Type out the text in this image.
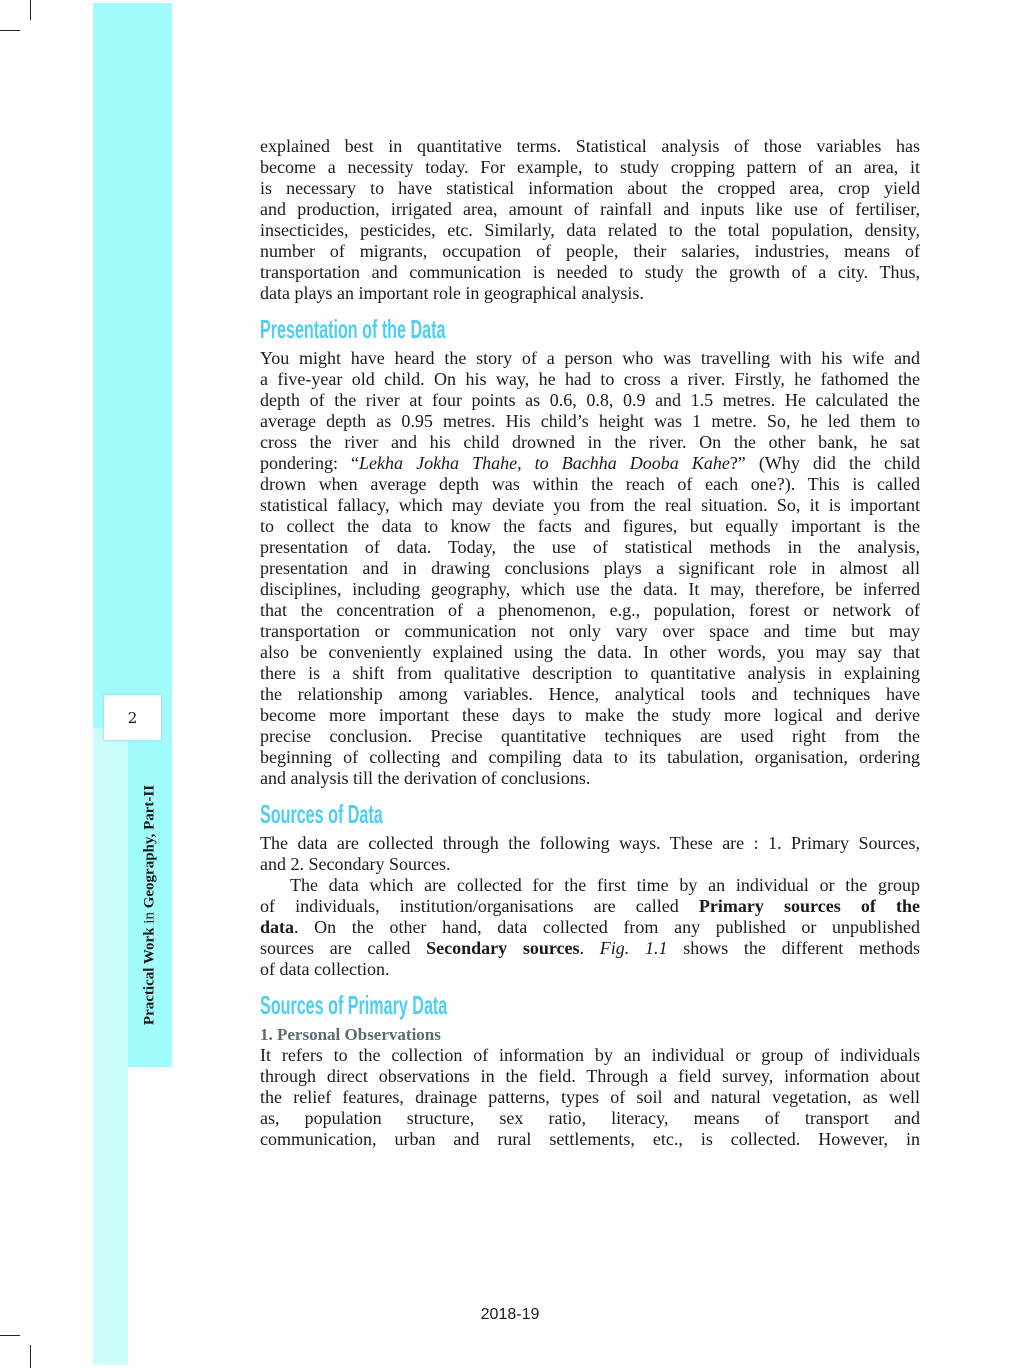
2
Practical Work in Geography, Part-II
explained best in quantitative terms. Statistical analysis of those variables has
become a necessity today. For example, to study cropping pattern of an area, it
is necessary to have statistical information about the cropped area, crop yield
and production, irrigated area, amount of rainfall and inputs like use of fertiliser,
insecticides, pesticides, etc. Similarly, data related to the total population, density,
number of migrants, occupation of people, their salaries, industries, means of
transportation and communication is needed to study the growth of a city. Thus,
data plays an important role in geographical analysis.
Presentation of the Data
You might have heard the story of a person who was travelling with his wife and
a five-year old child. On his way, he had to cross a river. Firstly, he fathomed the
depth of the river at four points as 0.6, 0.8, 0.9 and 1.5 metres. He calculated the
average depth as 0.95 metres. His child’s height was 1 metre. So, he led them to
cross the river and his child drowned in the river. On the other bank, he sat
pondering: “Lekha Jokha Thahe, to Bachha Dooba Kahe?” (Why did the child
drown when average depth was within the reach of each one?). This is called
statistical fallacy, which may deviate you from the real situation. So, it is important
to collect the data to know the facts and figures, but equally important is the
presentation of data. Today, the use of statistical methods in the analysis,
presentation and in drawing conclusions plays a significant role in almost all
disciplines, including geography, which use the data. It may, therefore, be inferred
that the concentration of a phenomenon, e.g., population, forest or network of
transportation or communication not only vary over space and time but may
also be conveniently explained using the data. In other words, you may say that
there is a shift from qualitative description to quantitative analysis in explaining
the relationship among variables. Hence, analytical tools and techniques have
become more important these days to make the study more logical and derive
precise conclusion. Precise quantitative techniques are used right from the
beginning of collecting and compiling data to its tabulation, organisation, ordering
and analysis till the derivation of conclusions.
Sources of Data
The data are collected through the following ways. These are : 1. Primary Sources,
and 2. Secondary Sources.
The data which are collected for the first time by an individual or the group
of individuals, institution/organisations are called Primary sources of the
data. On the other hand, data collected from any published or unpublished
sources are called Secondary sources. Fig. 1.1 shows the different methods
of data collection.
Sources of Primary Data
1. Personal Observations
It refers to the collection of information by an individual or group of individuals
through direct observations in the field. Through a field survey, information about
the relief features, drainage patterns, types of soil and natural vegetation, as well
as, population structure, sex ratio, literacy, means of transport and
communication, urban and rural settlements, etc., is collected. However, in
2018-19
